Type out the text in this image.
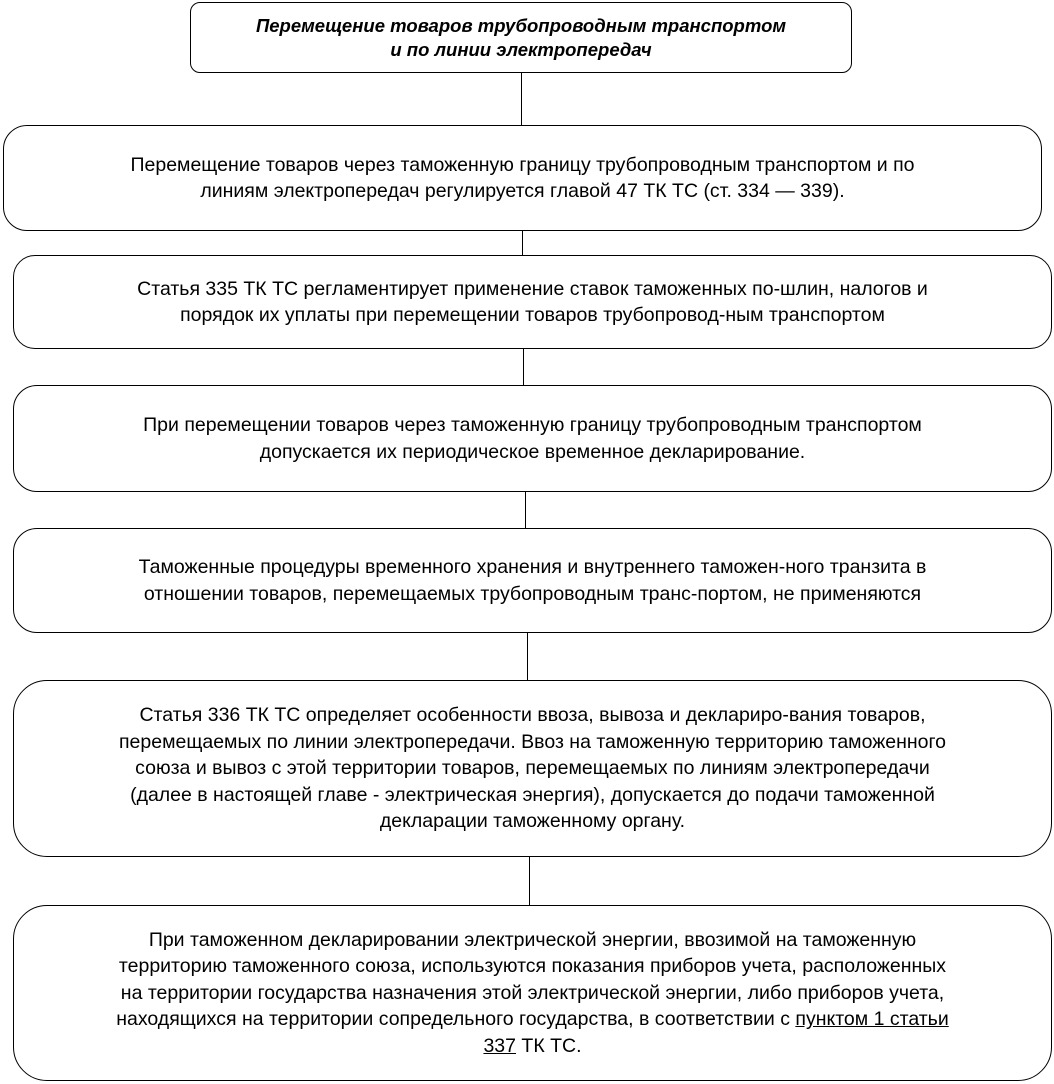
Перемещение товаров трубопроводным транспортом
и по линии электропередач

Перемещение товаров через таможенную границу трубопроводным транспортом и по
линиям электропередач регулируется главой 47 ТК ТС (ст. 334 — 339).

Статья 335 ТК ТС регламентирует применение ставок таможенных по-шлин, налогов и
порядок их уплаты при перемещении товаров трубопровод-ным транспортом

При перемещении товаров через таможенную границу трубопроводным транспортом
допускается их периодическое временное декларирование.

Таможенные процедуры временного хранения и внутреннего таможен-ного транзита в
отношении товаров, перемещаемых трубопроводным транс-портом, не применяются

Статья 336 ТК ТС определяет особенности ввоза, вывоза и деклариро-вания товаров,
перемещаемых по линии электропередачи. Ввоз на таможенную территорию таможенного
союза и вывоз с этой территории товаров, перемещаемых по линиям электропередачи
(далее в настоящей главе - электрическая энергия), допускается до подачи таможенной
декларации таможенному органу.

При таможенном декларировании электрической энергии, ввозимой на таможенную
территорию таможенного союза, используются показания приборов учета, расположенных
на территории государства назначения этой электрической энергии, либо приборов учета,
находящихся на территории сопредельного государства, в соответствии с пунктом 1 статьи
337 ТК ТС.
